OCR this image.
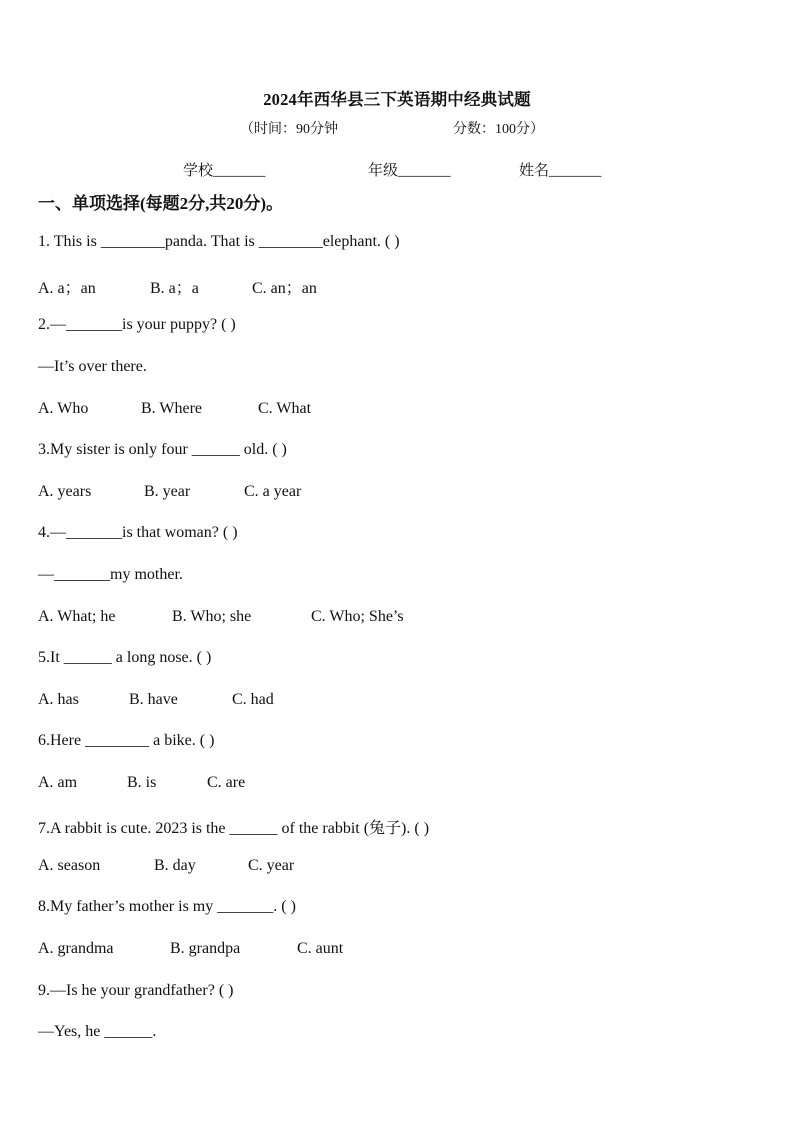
2024年西华县三下英语期中经典试题
（时间：90分钟	分数：100分）
学校_______	年级_______	姓名_______
一、单项选择(每题2分,共20分)。
1. This is ________panda. That is ________elephant. ( )
A. a；an	B. a；a	C. an；an
2.—_______is your puppy? ( )
—It’s over there.
A. Who	B. Where	C. What
3.My sister is only four ______ old. ( )
A. years	B. year	C. a year
4.—_______is that woman? ( )
—_______my mother.
A. What; he	B. Who; she	C. Who; She’s
5.It ______ a long nose. ( )
A. has	B. have	C. had
6.Here ________ a bike. ( )
A. am	B. is	C. are
7.A rabbit is cute. 2023 is the ______ of the rabbit (兔子). ( )
A. season	B. day	C. year
8.My father’s mother is my _______. ( )
A. grandma	B. grandpa	C. aunt
9.—Is he your grandfather? ( )
—Yes, he ______.
